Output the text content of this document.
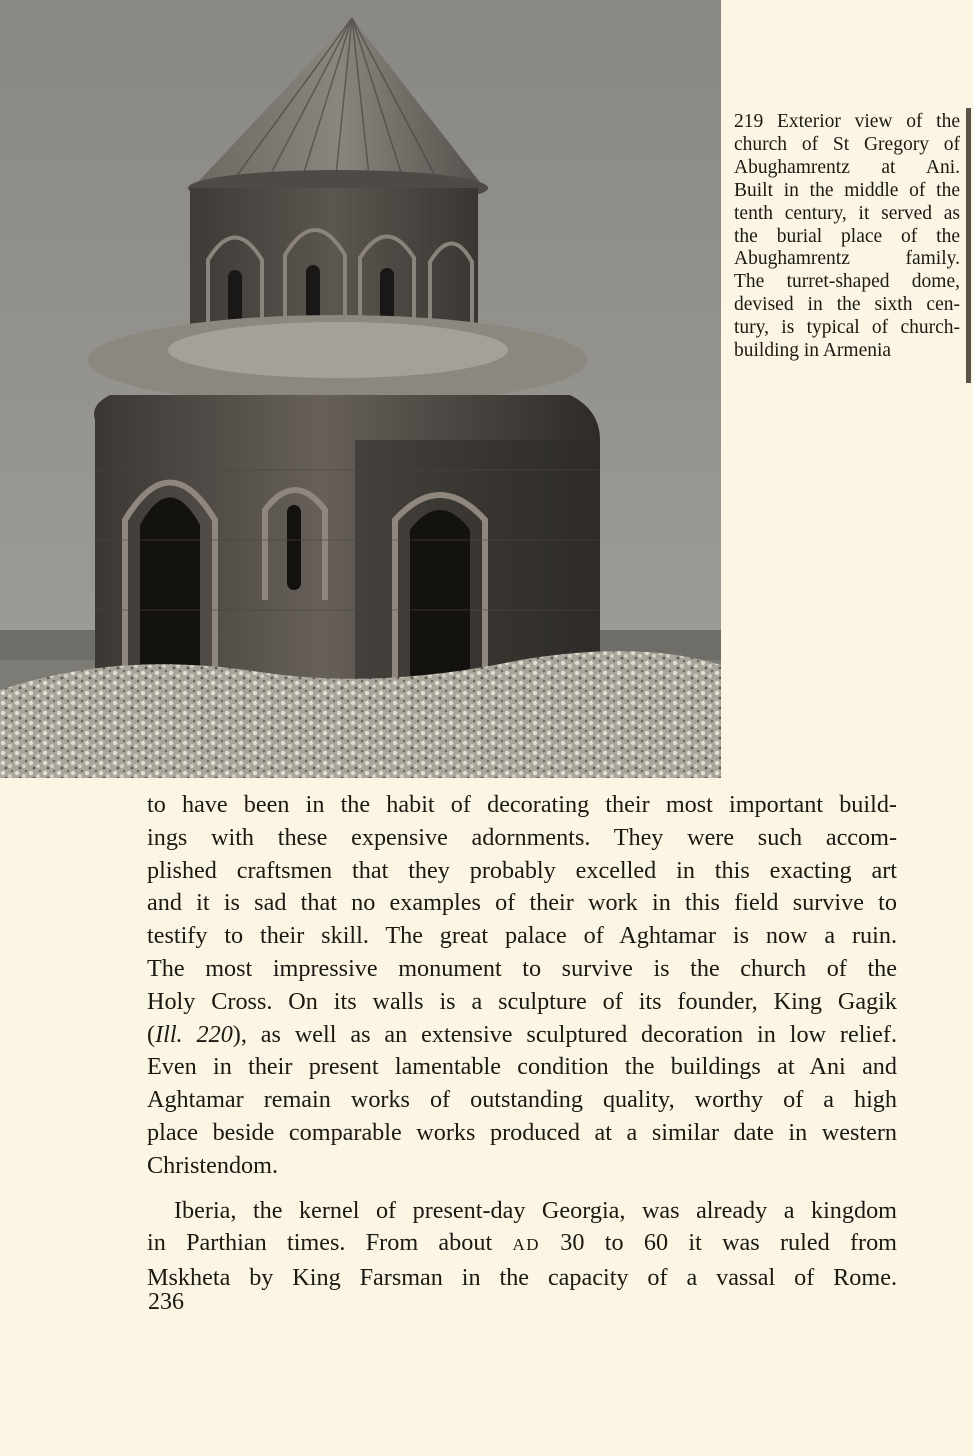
219 Exterior view of the
church of St Gregory of
Abughamrentz at Ani.
Built in the middle of the
tenth century, it served as
the burial place of the
Abughamrentz family.
The turret-shaped dome,
devised in the sixth cen-
tury, is typical of church-
building in Armenia
to have been in the habit of decorating their most important build-
ings with these expensive adornments. They were such accom-
plished craftsmen that they probably excelled in this exacting art
and it is sad that no examples of their work in this field survive to
testify to their skill. The great palace of Aghtamar is now a ruin.
The most impressive monument to survive is the church of the
Holy Cross. On its walls is a sculpture of its founder, King Gagik
(Ill. 220), as well as an extensive sculptured decoration in low relief.
Even in their present lamentable condition the buildings at Ani and
Aghtamar remain works of outstanding quality, worthy of a high
place beside comparable works produced at a similar date in western
Christendom.
Iberia, the kernel of present-day Georgia, was already a kingdom
in Parthian times. From about AD 30 to 60 it was ruled from
Mskheta by King Farsman in the capacity of a vassal of Rome.
236
